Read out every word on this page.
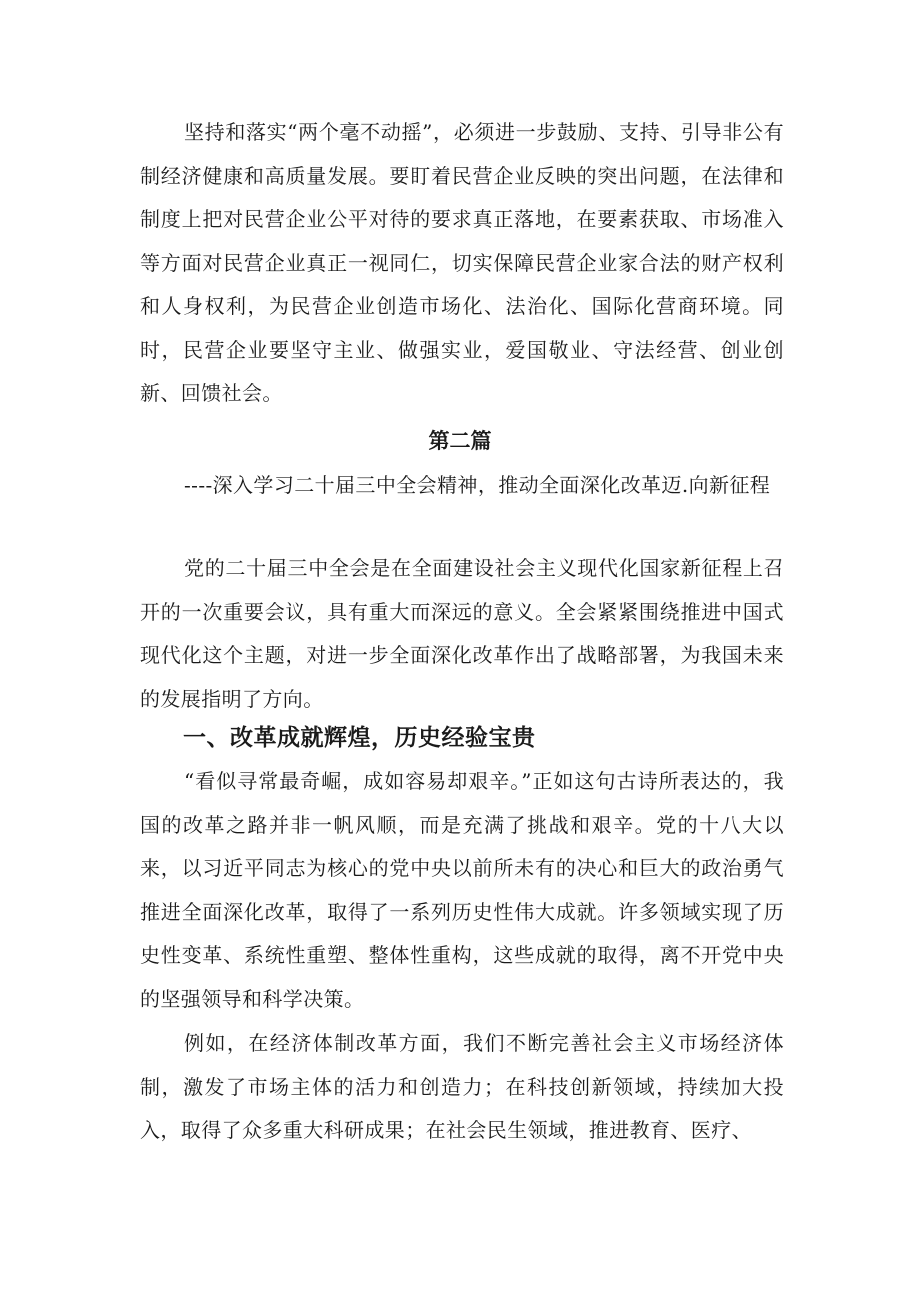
坚持和落实“两个毫不动摇”，必须进一步鼓励、支持、引导非公有制经济健康和高质量发展。要盯着民营企业反映的突出问题，在法律和制度上把对民营企业公平对待的要求真正落地，在要素获取、市场准入等方面对民营企业真正一视同仁，切实保障民营企业家合法的财产权利和人身权利，为民营企业创造市场化、法治化、国际化营商环境。同时，民营企业要坚守主业、做强实业，爱国敬业、守法经营、创业创新、回馈社会。

第二篇

----深入学习二十届三中全会精神，推动全面深化改革迈.向新征程

党的二十届三中全会是在全面建设社会主义现代化国家新征程上召开的一次重要会议，具有重大而深远的意义。全会紧紧围绕推进中国式现代化这个主题，对进一步全面深化改革作出了战略部署，为我国未来的发展指明了方向。

一、改革成就辉煌，历史经验宝贵

“看似寻常最奇崛，成如容易却艰辛。”正如这句古诗所表达的，我国的改革之路并非一帆风顺，而是充满了挑战和艰辛。党的十八大以来，以习近平同志为核心的党中央以前所未有的决心和巨大的政治勇气推进全面深化改革，取得了一系列历史性伟大成就。许多领域实现了历史性变革、系统性重塑、整体性重构，这些成就的取得，离不开党中央的坚强领导和科学决策。

例如，在经济体制改革方面，我们不断完善社会主义市场经济体制，激发了市场主体的活力和创造力；在科技创新领域，持续加大投入，取得了众多重大科研成果；在社会民生领域，推进教育、医疗、
